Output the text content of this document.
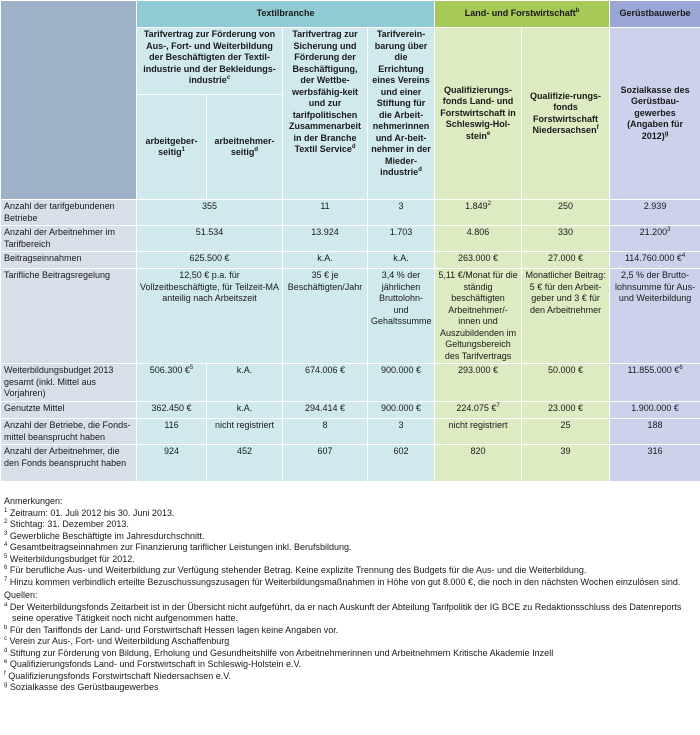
	Textilbranche				Land- und Forstwirtschaft$^b$		Gerüstbauwerbe
	Tarifvertrag zur Förderung von Aus-, Fort- und Weiterbildung der Beschäftigten der Textil-industrie und der Bekleidungs-industrie$^c$		Tarifvertrag zur Sicherung und Förderung der Beschäftigung, der Wettbe-werbsfähig-keit und zur tarifpolitischen Zusammenarbeit in der Branche Textil Service$^d$	Tarifverein-barung über die Errichtung eines Vereins und einer Stiftung für die Arbeit-nehmerinnen und Ar-beit-nehmer in der Mieder-industrie$^d$	Qualifizierungs-fonds Land- und Forstwirtschaft in Schleswig-Hol-stein$^e$	Qualifizie-rungs-fonds Forstwirtschaft Niedersachsen$^f$	Sozialkasse des Gerüstbau-gewerbes (Angaben für 2012)$^g$
	arbeitgeber-seitig$^1$	arbeitnehmer-seitig$^d$
Anzahl der tarifgebundenen Betriebe	355		11	3	1.849$^2$	250	2.939
Anzahl der Arbeitnehmer im Tarifbereich	51.534		13.924	1.703	4.806	330	21.200$^3$
Beitragseinnahmen	625.500 €		k.A.	k.A.	263.000 €	27.000 €	114.760.000 €$^4$
Tarifliche Beitragsregelung	12,50 € p.a. für Vollzeitbeschäftigte, für Teilzeit-MA anteilig nach Arbeitszeit		35 € je Beschäftigten/Jahr	3,4 % der jährlichen Bruttolohn- und Gehaltssumme	5,11 €/Monat für die ständig beschäftigten Arbeitnehmer/-innen und Auszubildenden im Geltungsbereich des Tarifvertrags	Monatlicher Beitrag: 5 € für den Arbeit-geber und 3 € für den Arbeitnehmer	2,5 % der Brutto-lohnsumme für Aus- und Weiterbildung
Weiterbildungsbudget 2013 gesamt (inkl. Mittel aus Vorjahren)	506.300 €$^5$	k.A.	674.006 €	900.000 €	293.000 €	50.000 €	11.855.000 €$^6$
Genutzte Mittel	362.450 €	k.A.	294.414 €	900.000 €	224.075 €$^7$	23.000 €	1.900.000 €
Anzahl der Betriebe, die Fonds-mittel beansprucht haben	116	nicht registriert	8	3	nicht registriert	25	188
Anzahl der Arbeitnehmer, die den Fonds beansprucht haben	924	452	607	602	820	39	316
Anmerkungen:
$^1$ Zeitraum: 01. Juli 2012 bis 30. Juni 2013.
$^2$ Stichtag: 31. Dezember 2013.
$^3$ Gewerbliche Beschäftigte im Jahresdurchschnitt.
$^4$ Gesamtbeitragseinnahmen zur Finanzierung tariflicher Leistungen inkl. Berufsbildung.
$^5$ Weiterbildungsbudget für 2012.
$^6$ Für berufliche Aus- und Weiterbildung zur Verfügung stehender Betrag. Keine explizite Trennung des Budgets für die Aus- und die Weiterbildung.
$^7$ Hinzu kommen verbindlich erteilte Bezuschussungszusagen für Weiterbildungsmaßnahmen in Höhe von gut 8.000 €, die noch in den nächsten Wochen einzulösen sind.
Quellen:
$^a$ Der Weiterbildungsfonds Zeitarbeit ist in der Übersicht nicht aufgeführt, da er nach Auskunft der Abteilung Tarifpolitik der IG BCE zu Redaktionsschluss des Datenreports seine operative Tätigkeit noch nicht aufgenommen hatte.
$^b$ Für den Tariffonds der Land- und Forstwirtschaft Hessen lagen keine Angaben vor.
$^c$ Verein zur Aus-, Fort- und Weiterbildung Aschaffenburg
$^d$ Stiftung zur Förderung von Bildung, Erholung und Gesundheitshilfe von Arbeitnehmerinnen und Arbeitnehmern Kritische Akademie Inzell
$^e$ Qualifizierungsfonds Land- und Forstwirtschaft in Schleswig-Holstein e.V.
$^f$ Qualifizierungsfonds Forstwirtschaft Niedersachsen e.V.
$^g$ Sozialkasse des Gerüstbaugewerbes
